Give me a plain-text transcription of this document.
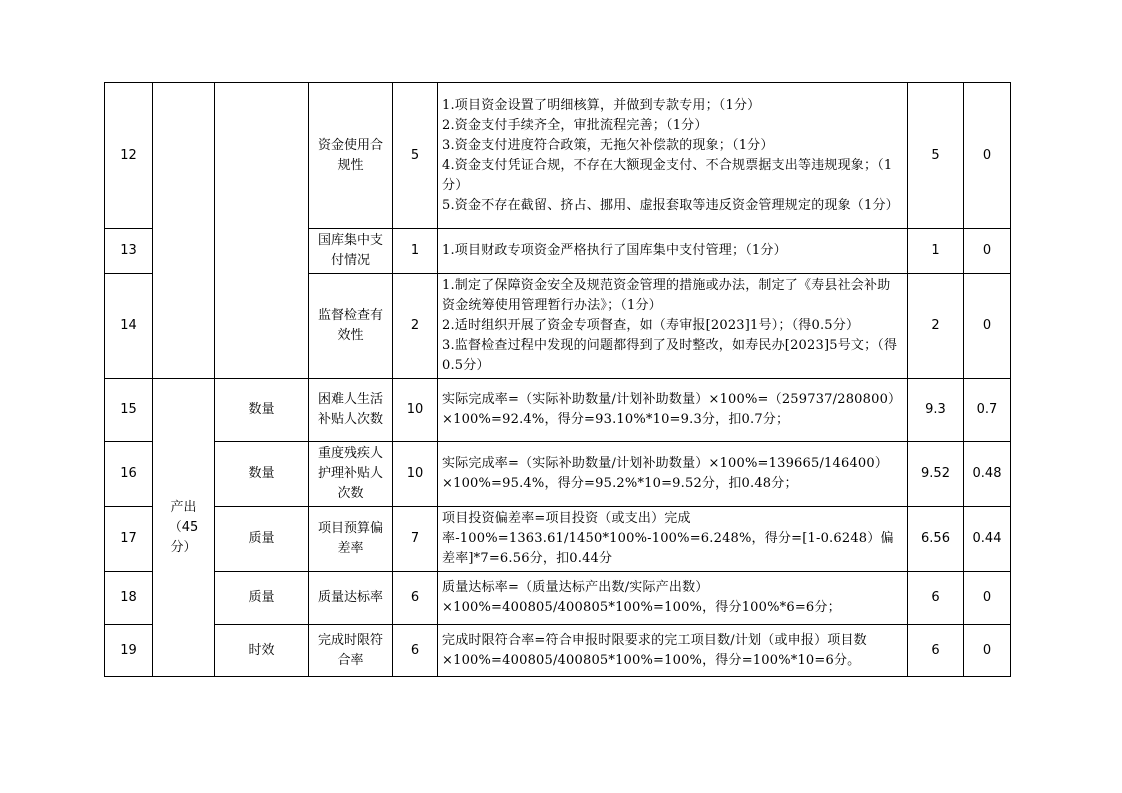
12			资金使用合规性	5	1.项目资金设置了明细核算，并做到专款专用；（1分）
2.资金支付手续齐全，审批流程完善；（1分）
3.资金支付进度符合政策，无拖欠补偿款的现象；（1分）
4.资金支付凭证合规，不存在大额现金支付、不合规票据支出等违规现象；（1分）
5.资金不存在截留、挤占、挪用、虚报套取等违反资金管理规定的现象（1分）	5	0
13			国库集中支付情况	1	1.项目财政专项资金严格执行了国库集中支付管理；（1分）	1	0
14			监督检查有效性	2	1.制定了保障资金安全及规范资金管理的措施或办法，制定了《寿县社会补助资金统筹使用管理暂行办法》；（1分）
2.适时组织开展了资金专项督查，如（寿审报[2023]1号）；（得0.5分）
3.监督检查过程中发现的问题都得到了及时整改，如寿民办[2023]5号文；（得0.5分）	2	0
15	产出
（45
分）	数量	困难人生活补贴人次数	10	实际完成率=（实际补助数量/计划补助数量）×100%=（259737/280800）×100%=92.4%，得分=93.10%*10=9.3分，扣0.7分；	9.3	0.7
16		数量	重度残疾人护理补贴人次数	10	实际完成率=（实际补助数量/计划补助数量）×100%=139665/146400）×100%=95.4%，得分=95.2%*10=9.52分，扣0.48分；	9.52	0.48
17		质量	项目预算偏差率	7	项目投资偏差率=项目投资（或支出）完成率-100%=1363.61/1450*100%-100%=6.248%，得分=[1-0.6248）偏差率]*7=6.56分，扣0.44分	6.56	0.44
18		质量	质量达标率	6	质量达标率=（质量达标产出数/实际产出数）×100%=400805/400805*100%=100%，得分100%*6=6分；	6	0
19		时效	完成时限符合率	6	完成时限符合率=符合申报时限要求的完工项目数/计划（或申报）项目数×100%=400805/400805*100%=100%，得分=100%*10=6分。	6	0
